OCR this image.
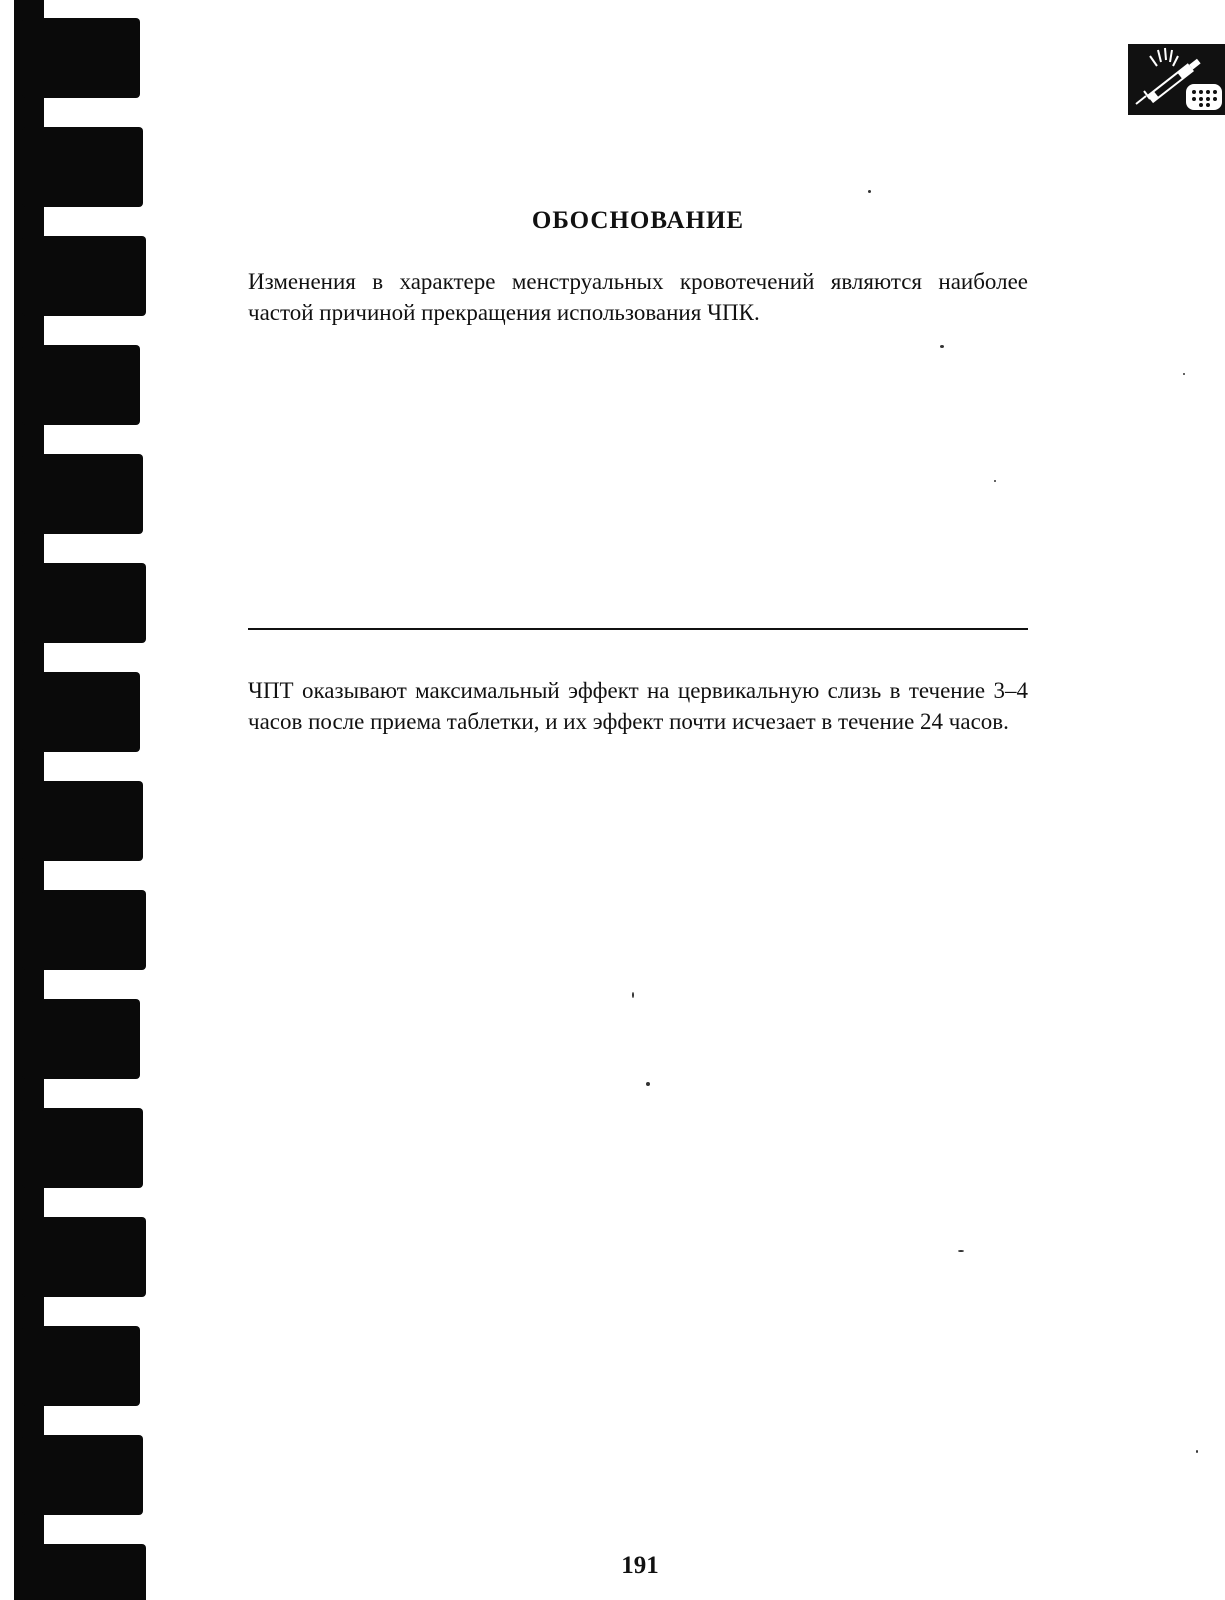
ОБОСНОВАНИЕ

Изменения в характере менструальных кровотечений являются наиболее частой причиной прекращения использования ЧПК.

ЧПТ оказывают максимальный эффект на цервикальную слизь в течение 3–4 часов после приема таблетки, и их эффект почти исчезает в течение 24 часов.

191
